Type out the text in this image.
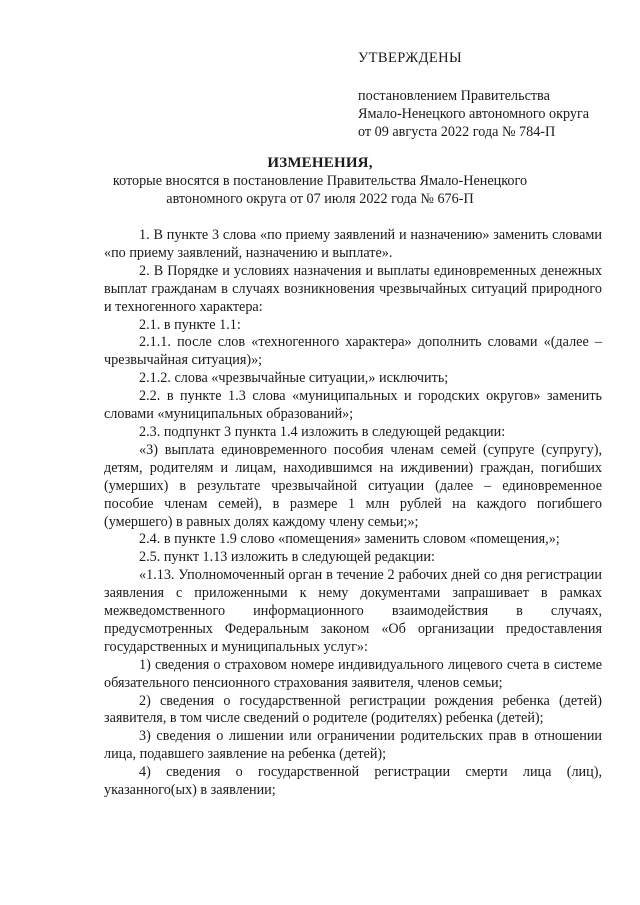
УТВЕРЖДЕНЫ
постановлением Правительства
Ямало-Ненецкого автономного округа
от 09 августа 2022 года № 784-П
ИЗМЕНЕНИЯ,
которые вносятся в постановление Правительства Ямало-Ненецкого
автономного округа от 07 июля 2022 года № 676-П
1. В пункте 3 слова «по приему заявлений и назначению» заменить словами «по приему заявлений, назначению и выплате».
2. В Порядке и условиях назначения и выплаты единовременных денежных выплат гражданам в случаях возникновения чрезвычайных ситуаций природного и техногенного характера:
2.1. в пункте 1.1:
2.1.1. после слов «техногенного характера» дополнить словами «(далее – чрезвычайная ситуация)»;
2.1.2. слова «чрезвычайные ситуации,» исключить;
2.2. в пункте 1.3 слова «муниципальных и городских округов» заменить словами «муниципальных образований»;
2.3. подпункт 3 пункта 1.4 изложить в следующей редакции:
«3) выплата единовременного пособия членам семей (супруге (супругу), детям, родителям и лицам, находившимся на иждивении) граждан, погибших (умерших) в результате чрезвычайной ситуации (далее – единовременное пособие членам семей), в размере 1 млн рублей на каждого погибшего (умершего) в равных долях каждому члену семьи;»;
2.4. в пункте 1.9 слово «помещения» заменить словом «помещения,»;
2.5. пункт 1.13 изложить в следующей редакции:
«1.13. Уполномоченный орган в течение 2 рабочих дней со дня регистрации заявления с приложенными к нему документами запрашивает в рамках межведомственного информационного взаимодействия в случаях, предусмотренных Федеральным законом «Об организации предоставления государственных и муниципальных услуг»:
1) сведения о страховом номере индивидуального лицевого счета в системе обязательного пенсионного страхования заявителя, членов семьи;
2) сведения о государственной регистрации рождения ребенка (детей) заявителя, в том числе сведений о родителе (родителях) ребенка (детей);
3) сведения о лишении или ограничении родительских прав в отношении лица, подавшего заявление на ребенка (детей);
4) сведения о государственной регистрации смерти лица (лиц), указанного(ых) в заявлении;
